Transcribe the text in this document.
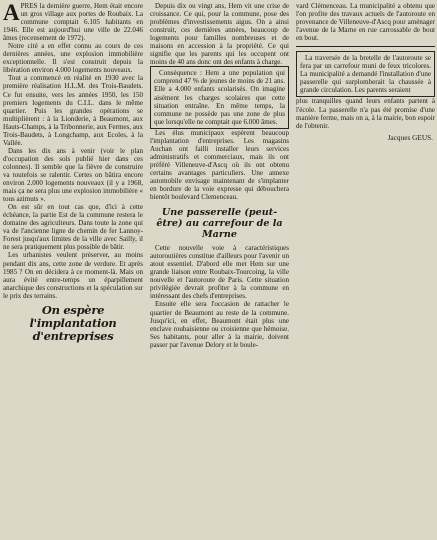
APRES la dernière guerre, Hem était encore un gros village aux portes de Roubaix. La commune comptait 6.105 habitants en 1946. Elle est aujourd'hui une ville de 22.046 âmes (recensement de 1972).

Notre cité a en effet connu au cours de ces dernières années, une explosion immobilière exceptionnelle. Il s'est construit depuis la libération environ 4.000 logements nouveaux.

Tout a commencé en réalité en 1930 avec la première réalisation H.L.M. des Trois-Baudets. Ce fut ensuite, vers les années 1950, les 150 premiers logements du C.I.L. dans le même quartier. Puis les grandes opérations se multiplièrent : à la Lionderie, à Beaumont, aux Hauts-Champs, à la Tribonnerie, aux Fermes, aux Trois-Baudets, à Longchamp, aux Ecoles, à la Vallée.

Dans les dix ans à venir (voir le plan d'occupation des sols publié hier dans ces colonnes). Il semble que la fièvre de construire va toutefois se ralentir. Certes on bâtira encore environ 2.000 logements nouveaux (il y a 1968, mais ça ne sera plus une explosion immobilière « tous azimuts ».

On est sûr en tout cas que, d'ici à cette échéance, la partie Est de la commune restera le domaine des agriculteurs. Dans toute la zone qui va de l'ancienne ligne de chemin de fer Lannoy-Forest jusqu'aux limites de la ville avec Sailly, il ne sera pratiquement plus possible de bâtir.

Les urbanistes veulent préserver, au moins pendant dix ans, cette zone de verdure. Et après 1985 ? On en décidera à ce moment-là. Mais on aura évité entre-temps un éparpillement anarchique des constructions et la spéculation sur le prix des terrains.

On espère l'implantation d'entreprises

Depuis dix ou vingt ans, Hem vit une crise de croissance. Ce qui, pour la commune, pose des problèmes d'investissements aigus. On a ainsi construit, ces dernières années, beaucoup de logements pour familles nombreuses et de maisons en accession à la propriété. Ce qui signifie que les parents qui les occupent ont moins de 40 ans donc ont des enfants à charge.

Conséquence : Hem a une population qui comprend 47 % de jeunes de moins de 21 ans. Elle a 4.000 enfants scolarisés. On imagine aisément les charges scolaires que cette situation entraîne. En même temps, la commune ne possède pas une zone de plus que lorsqu'elle ne comptait que 6.000 âmes.

Les élus municipaux espèrent beaucoup l'implantation d'entreprises. Les magasins Auchan ont failli installer leurs services administratifs et commerciaux, mais ils ont préféré Villeneuve-d'Ascq où ils ont obtenu certains avantages particuliers. Une annexe automobile envisage maintenant de s'implanter en bordure de la voie expresse qui débouchera bientôt boulevard Clemenceau.

Une passerelle (peut-être) au carrefour de la Marne

Cette nouvelle voie à caractéristiques autoroutières constitue d'ailleurs pour l'avenir un atout essentiel. D'abord elle met Hem sur une grande liaison entre Roubaix-Tourcoing, la ville nouvelle et l'autoroute de Paris. Cette situation privilégiée devrait profiter à la commune en intéressant des chefs d'entreprises.

Ensuite elle sera l'occasion de rattacher le quartier de Beaumont au reste de la commune. Jusqu'ici, en effet, Beaumont était plus une enclave roubaisienne ou croisienne que hémoise. Ses habitants, pour aller à la mairie, doivent passer par l'avenue Delory et le boule-

vard Clémenceau. La municipalité a obtenu que l'on profite des travaux actuels de l'autoroute en provenance de Villeneuve-d'Ascq pour aménager l'avenue de la Marne en rue carrossable de bout en bout.

La traversée de la bretelle de l'autoroute se fera par un carrefour muni de feux tricolores. La municipalité a demandé l'installation d'une passerelle qui surplomberait la chaussée à grande circulation. Les parents seraient

plus tranquilles quand leurs enfants partent à l'école. La passerelle n'a pas été promise d'une manière ferme, mais on a, à la mairie, bon espoir de l'obtenir.

Jacques GEUS.
